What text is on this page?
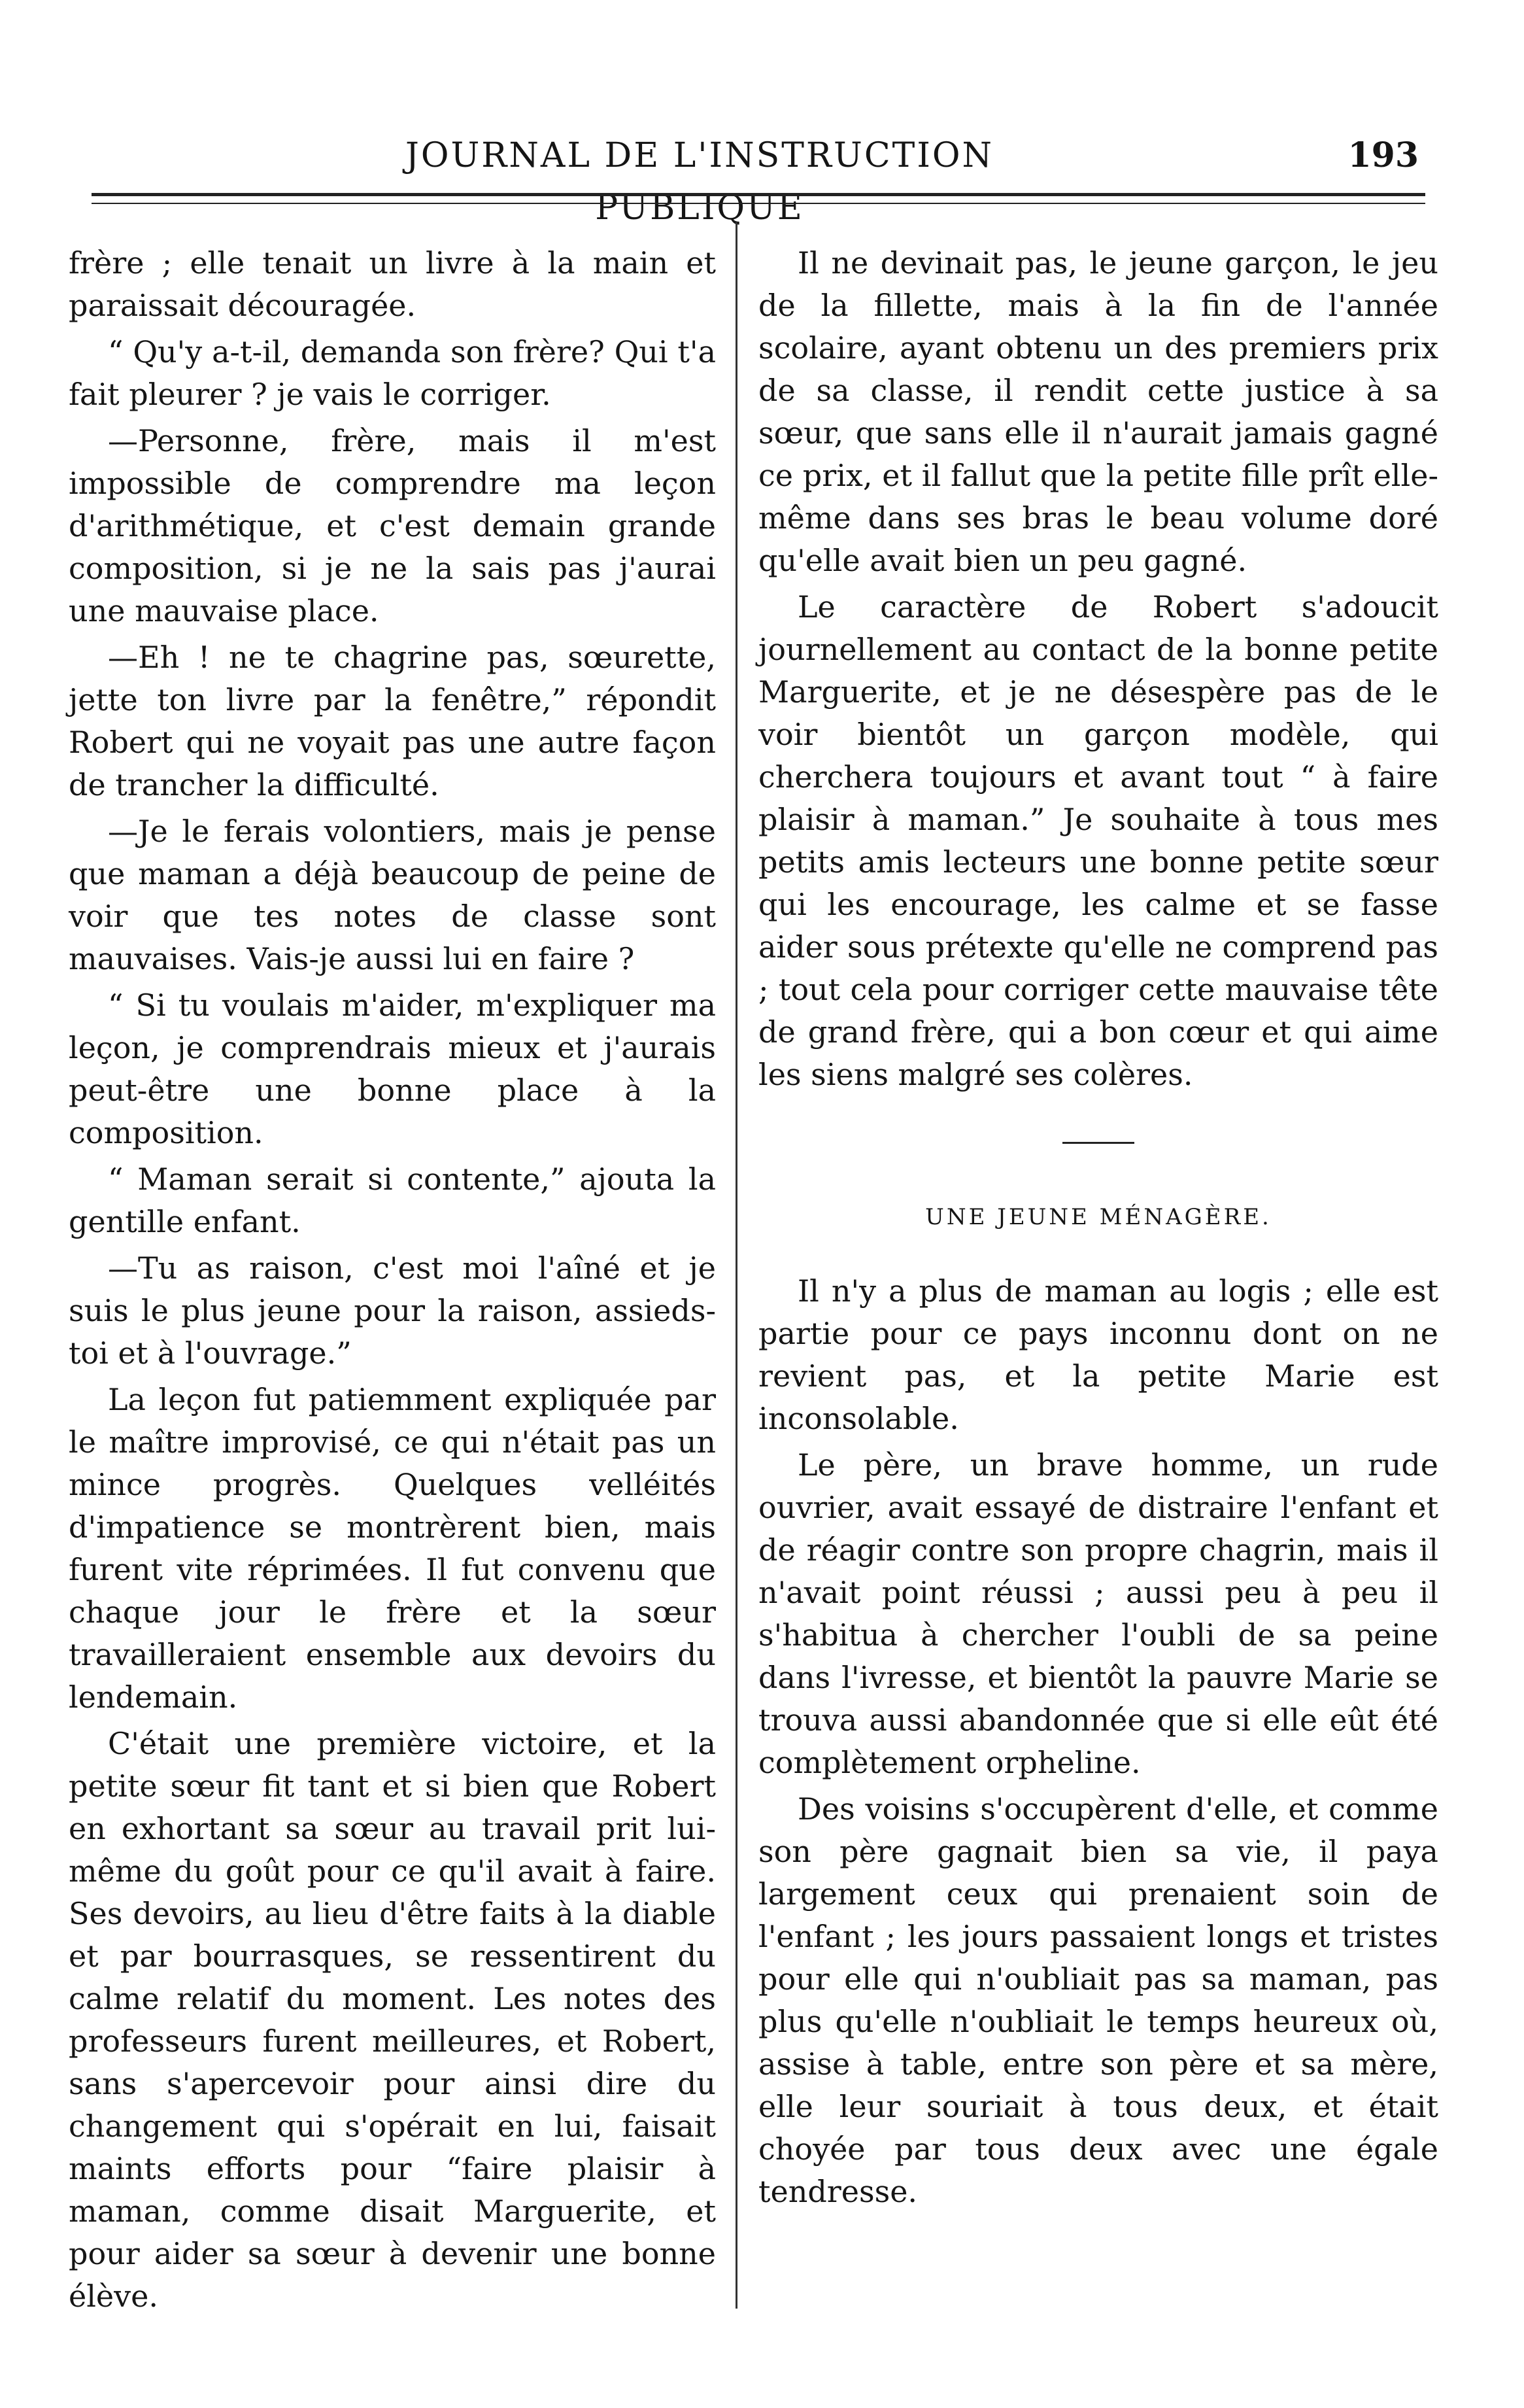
JOURNAL DE L'INSTRUCTION PUBLIQUE
193

frère ; elle tenait un livre à la main et paraissait découragée.

“ Qu'y a-t-il, demanda son frère? Qui t'a fait pleurer ? je vais le corriger.

—Personne, frère, mais il m'est impossible de comprendre ma leçon d'arithmétique, et c'est demain grande composition, si je ne la sais pas j'aurai une mauvaise place.

—Eh ! ne te chagrine pas, sœurette, jette ton livre par la fenêtre,” répondit Robert qui ne voyait pas une autre façon de trancher la difficulté.

—Je le ferais volontiers, mais je pense que maman a déjà beaucoup de peine de voir que tes notes de classe sont mauvaises. Vais-je aussi lui en faire ?

“ Si tu voulais m'aider, m'expliquer ma leçon, je comprendrais mieux et j'aurais peut-être une bonne place à la composition.

“ Maman serait si contente,” ajouta la gentille enfant.

—Tu as raison, c'est moi l'aîné et je suis le plus jeune pour la raison, assieds-toi et à l'ouvrage.”

La leçon fut patiemment expliquée par le maître improvisé, ce qui n'était pas un mince progrès. Quelques velléités d'impatience se montrèrent bien, mais furent vite réprimées. Il fut convenu que chaque jour le frère et la sœur travailleraient ensemble aux devoirs du lendemain.

C'était une première victoire, et la petite sœur fit tant et si bien que Robert en exhortant sa sœur au travail prit lui-même du goût pour ce qu'il avait à faire. Ses devoirs, au lieu d'être faits à la diable et par bourrasques, se ressentirent du calme relatif du moment. Les notes des professeurs furent meilleures, et Robert, sans s'apercevoir pour ainsi dire du changement qui s'opérait en lui, faisait maints efforts pour “faire plaisir à maman, comme disait Marguerite, et pour aider sa sœur à devenir une bonne élève.

Il ne devinait pas, le jeune garçon, le jeu de la fillette, mais à la fin de l'année scolaire, ayant obtenu un des premiers prix de sa classe, il rendit cette justice à sa sœur, que sans elle il n'aurait jamais gagné ce prix, et il fallut que la petite fille prît elle-même dans ses bras le beau volume doré qu'elle avait bien un peu gagné.

Le caractère de Robert s'adoucit journellement au contact de la bonne petite Marguerite, et je ne désespère pas de le voir bientôt un garçon modèle, qui cherchera toujours et avant tout “ à faire plaisir à maman.” Je souhaite à tous mes petits amis lecteurs une bonne petite sœur qui les encourage, les calme et se fasse aider sous prétexte qu'elle ne comprend pas ; tout cela pour corriger cette mauvaise tête de grand frère, qui a bon cœur et qui aime les siens malgré ses colères.

UNE JEUNE MÉNAGÈRE.

Il n'y a plus de maman au logis ; elle est partie pour ce pays inconnu dont on ne revient pas, et la petite Marie est inconsolable.

Le père, un brave homme, un rude ouvrier, avait essayé de distraire l'enfant et de réagir contre son propre chagrin, mais il n'avait point réussi ; aussi peu à peu il s'habitua à chercher l'oubli de sa peine dans l'ivresse, et bientôt la pauvre Marie se trouva aussi abandonnée que si elle eût été complètement orpheline.

Des voisins s'occupèrent d'elle, et comme son père gagnait bien sa vie, il paya largement ceux qui prenaient soin de l'enfant ; les jours passaient longs et tristes pour elle qui n'oubliait pas sa maman, pas plus qu'elle n'oubliait le temps heureux où, assise à table, entre son père et sa mère, elle leur souriait à tous deux, et était choyée par tous deux avec une égale tendresse.
